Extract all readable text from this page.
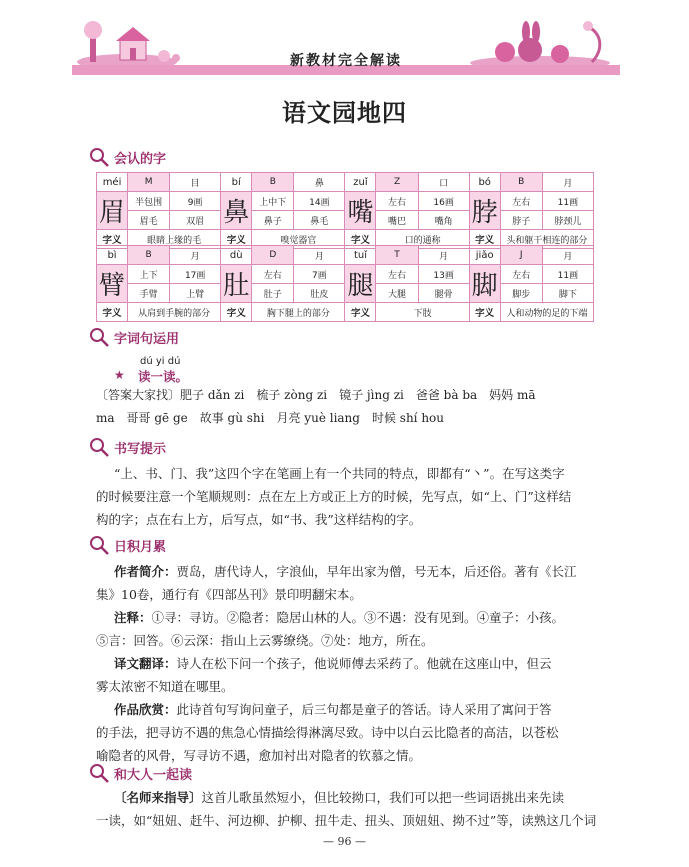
新教材完全解读
语文园地四
会认的字
méi	M	目	bí	B	鼻	zuǐ	Z	口	bó	B	月
眉	半包围	9画	鼻	上中下	14画	嘴	左右	16画	脖	左右	11画
	眉毛	双眉		鼻子	鼻毛		嘴巴	嘴角		脖子	脖颈儿
字义	眼睛上缘的毛		字义	嗅觉器官		字义	口的通称		字义	头和躯干相连的部分	
bì	B	月	dù	D	月	tuǐ	T	月	jiǎo	J	月
臂	上下	17画	肚	左右	7画	腿	左右	13画	脚	左右	11画
	手臂	上臂		肚子	肚皮		大腿	腿骨		脚步	脚下
字义	从肩到手腕的部分		字义	胸下腿上的部分		字义	下肢		字义	人和动物的足的下端	
字词句运用
dú yi dú
★ 读一读。
〔答案大家找〕肥子 dǎn zi　梳子 zòng zi　镜子 jìng zi　爸爸 bà ba　妈妈 mā
ma　哥哥 gē ge　故事 gù shi　月亮 yuè liang　时候 shí hou
书写提示
“上、书、门、我”这四个字在笔画上有一个共同的特点，即都有“丶”。在写这类字
的时候要注意一个笔顺规则：点在左上方或正上方的时候，先写点，如“上、门”这样结
构的字；点在右上方，后写点，如“书、我”这样结构的字。
日积月累
作者简介：贾岛，唐代诗人，字浪仙，早年出家为僧，号无本，后还俗。著有《长江
集》10卷，通行有《四部丛刊》景印明翻宋本。
注释：①寻：寻访。②隐者：隐居山林的人。③不遇：没有见到。④童子：小孩。
⑤言：回答。⑥云深：指山上云雾缭绕。⑦处：地方，所在。
译文翻译：诗人在松下问一个孩子，他说师傅去采药了。他就在这座山中，但云
雾太浓密不知道在哪里。
作品欣赏：此诗首句写询问童子，后三句都是童子的答话。诗人采用了寓问于答
的手法，把寻访不遇的焦急心情描绘得淋漓尽致。诗中以白云比隐者的高洁，以苍松
喻隐者的风骨，写寻访不遇，愈加衬出对隐者的钦慕之情。
和大人一起读
〔名师来指导〕这首儿歌虽然短小，但比较拗口，我们可以把一些词语挑出来先读
一读，如“妞妞、赶牛、河边柳、护柳、扭牛走、扭头、顶妞妞、拗不过”等，读熟这几个词
— 96 —
